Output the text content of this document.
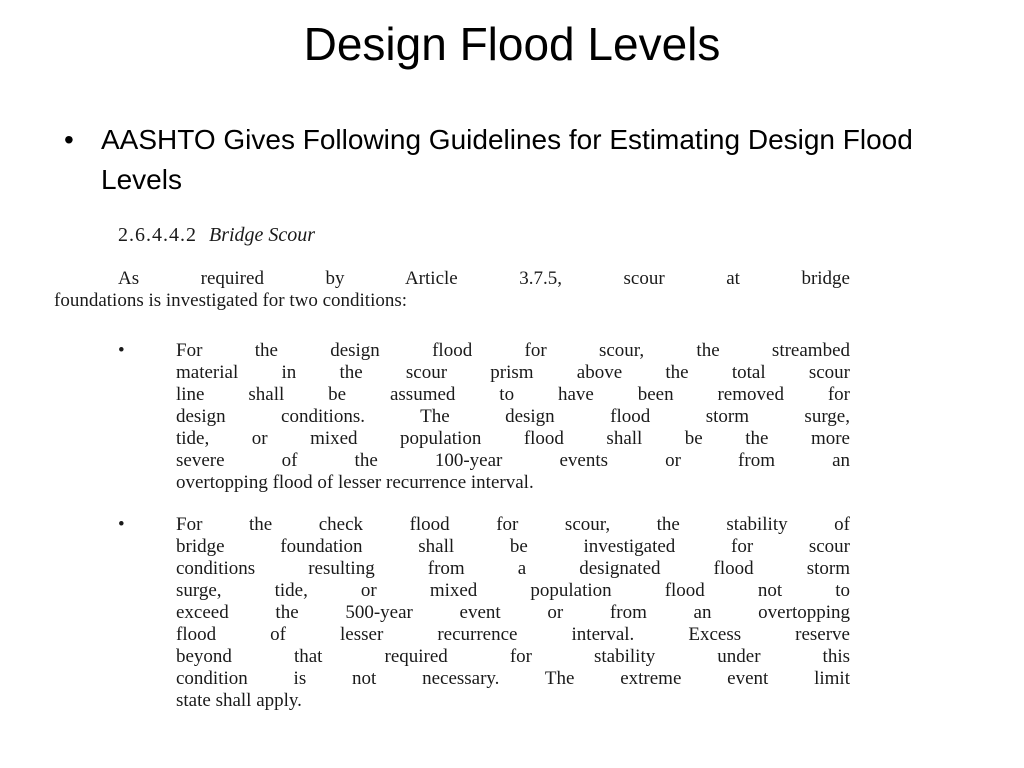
Design Flood Levels
• AASHTO Gives Following Guidelines for Estimating Design Flood Levels
2.6.4.4.2 Bridge Scour
As required by Article 3.7.5, scour at bridge
foundations is investigated for two conditions:
•	For the design flood for scour, the streambed
material in the scour prism above the total scour
line shall be assumed to have been removed for
design conditions. The design flood storm surge,
tide, or mixed population flood shall be the more
severe of the 100-year events or from an
overtopping flood of lesser recurrence interval.
•	For the check flood for scour, the stability of
bridge foundation shall be investigated for scour
conditions resulting from a designated flood storm
surge, tide, or mixed population flood not to
exceed the 500-year event or from an overtopping
flood of lesser recurrence interval. Excess reserve
beyond that required for stability under this
condition is not necessary. The extreme event limit
state shall apply.
